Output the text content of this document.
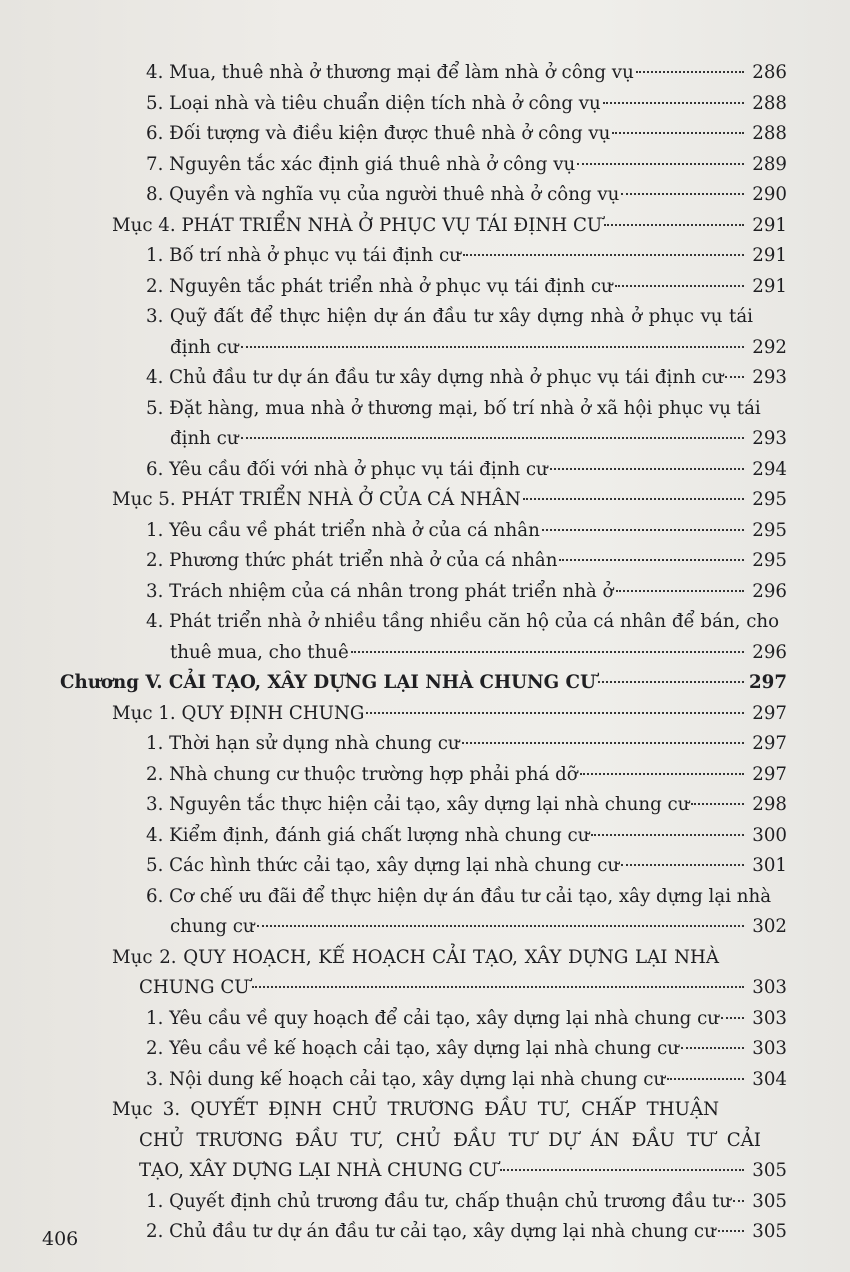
4. Mua, thuê nhà ở thương mại để làm nhà ở công vụ	286
5. Loại nhà và tiêu chuẩn diện tích nhà ở công vụ	288
6. Đối tượng và điều kiện được thuê nhà ở công vụ	288
7. Nguyên tắc xác định giá thuê nhà ở công vụ	289
8. Quyền và nghĩa vụ của người thuê nhà ở công vụ	290
Mục 4. PHÁT TRIỂN NHÀ Ở PHỤC VỤ TÁI ĐỊNH CƯ	291
1. Bố trí nhà ở phục vụ tái định cư	291
2. Nguyên tắc phát triển nhà ở phục vụ tái định cư	291
3. Quỹ đất để thực hiện dự án đầu tư xây dựng nhà ở phục vụ tái
định cư	292
4. Chủ đầu tư dự án đầu tư xây dựng nhà ở phục vụ tái định cư 293
5. Đặt hàng, mua nhà ở thương mại, bố trí nhà ở xã hội phục vụ tái
định cư	293
6. Yêu cầu đối với nhà ở phục vụ tái định cư	294
Mục 5. PHÁT TRIỂN NHÀ Ở CỦA CÁ NHÂN	295
1. Yêu cầu về phát triển nhà ở của cá nhân	295
2. Phương thức phát triển nhà ở của cá nhân	295
3. Trách nhiệm của cá nhân trong phát triển nhà ở	296
4. Phát triển nhà ở nhiều tầng nhiều căn hộ của cá nhân để bán, cho
thuê mua, cho thuê	296
Chương V. CẢI TẠO, XÂY DỰNG LẠI NHÀ CHUNG CƯ	297
Mục 1. QUY ĐỊNH CHUNG	297
1. Thời hạn sử dụng nhà chung cư	297
2. Nhà chung cư thuộc trường hợp phải phá dỡ	297
3. Nguyên tắc thực hiện cải tạo, xây dựng lại nhà chung cư	298
4. Kiểm định, đánh giá chất lượng nhà chung cư	300
5. Các hình thức cải tạo, xây dựng lại nhà chung cư	301
6. Cơ chế ưu đãi để thực hiện dự án đầu tư cải tạo, xây dựng lại nhà
chung cư	302
Mục 2. QUY HOẠCH, KẾ HOẠCH CẢI TẠO, XÂY DỰNG LẠI NHÀ
CHUNG CƯ	303
1. Yêu cầu về quy hoạch để cải tạo, xây dựng lại nhà chung cư 303
2. Yêu cầu về kế hoạch cải tạo, xây dựng lại nhà chung cư	303
3. Nội dung kế hoạch cải tạo, xây dựng lại nhà chung cư	304
Mục 3. QUYẾT ĐỊNH CHỦ TRƯƠNG ĐẦU TƯ, CHẤP THUẬN
CHỦ TRƯƠNG ĐẦU TƯ, CHỦ ĐẦU TƯ DỰ ÁN ĐẦU TƯ CẢI
TẠO, XÂY DỰNG LẠI NHÀ CHUNG CƯ	305
1. Quyết định chủ trương đầu tư, chấp thuận chủ trương đầu tư 305
2. Chủ đầu tư dự án đầu tư cải tạo, xây dựng lại nhà chung cư 305
406
